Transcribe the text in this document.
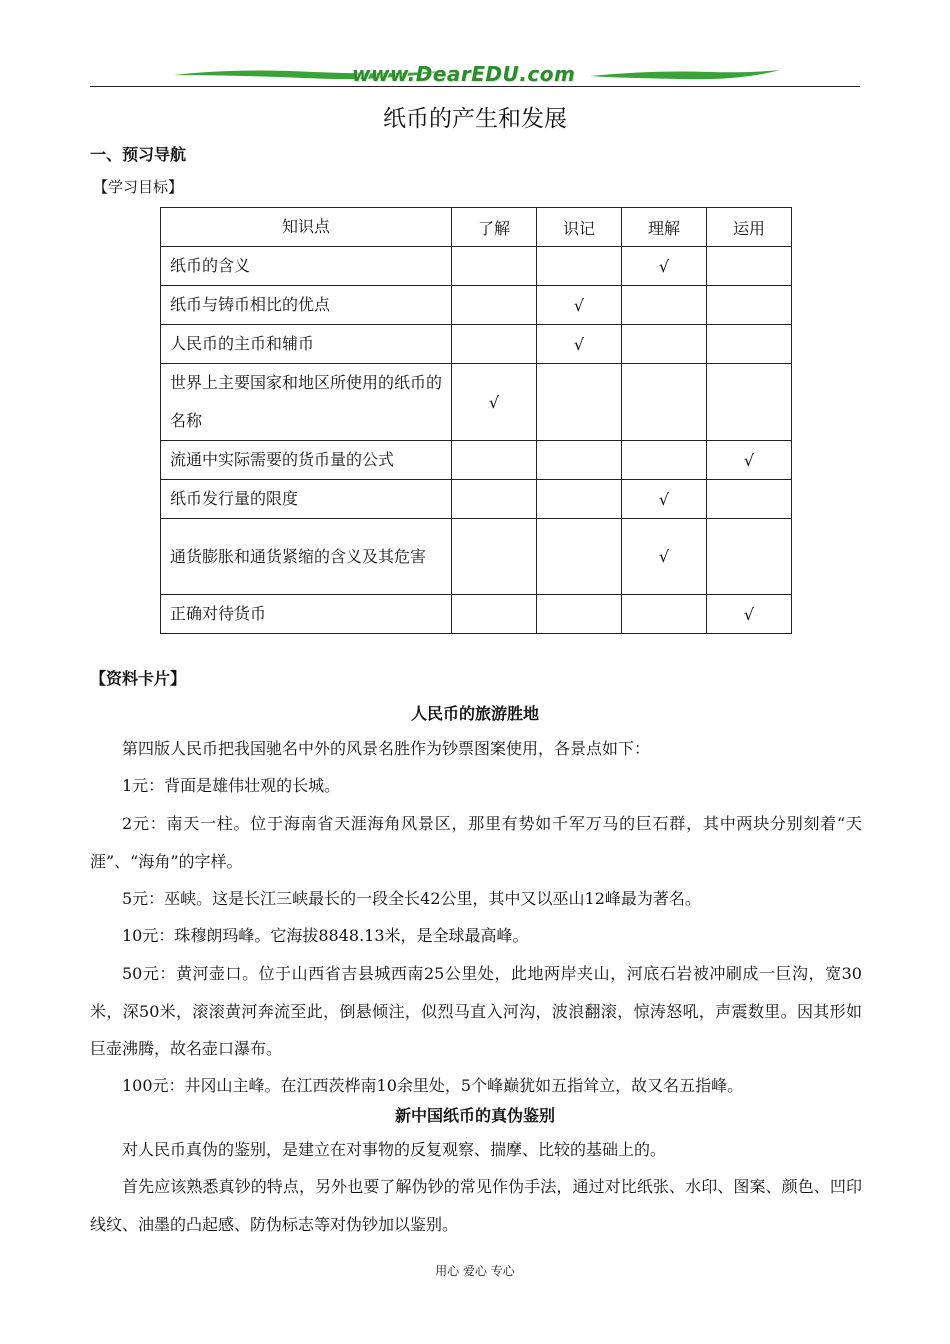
www.DearEDU.com
纸币的产生和发展
一、预习导航
【学习目标】
知识点	了解	识记	理解	运用
纸币的含义			√	
纸币与铸币相比的优点		√		
人民币的主币和辅币		√		
世界上主要国家和地区所使用的纸币的名称	√			
流通中实际需要的货币量的公式				√
纸币发行量的限度			√	
通货膨胀和通货紧缩的含义及其危害			√	
正确对待货币				√
【资料卡片】
人民币的旅游胜地
第四版人民币把我国驰名中外的风景名胜作为钞票图案使用，各景点如下：
1元：背面是雄伟壮观的长城。
2元：南天一柱。位于海南省天涯海角风景区，那里有势如千军万马的巨石群，其中两块分别刻着“天涯”、“海角”的字样。
5元：巫峡。这是长江三峡最长的一段全长42公里，其中又以巫山12峰最为著名。
10元：珠穆朗玛峰。它海拔8848.13米，是全球最高峰。
50元：黄河壶口。位于山西省吉县城西南25公里处，此地两岸夹山，河底石岩被冲刷成一巨沟，宽30米，深50米，滚滚黄河奔流至此，倒悬倾注，似烈马直入河沟，波浪翻滚，惊涛怒吼，声震数里。因其形如巨壶沸腾，故名壶口瀑布。
100元：井冈山主峰。在江西茨桦南10余里处，5个峰巅犹如五指耸立，故又名五指峰。
新中国纸币的真伪鉴别
对人民币真伪的鉴别，是建立在对事物的反复观察、揣摩、比较的基础上的。
首先应该熟悉真钞的特点，另外也要了解伪钞的常见作伪手法，通过对比纸张、水印、图案、颜色、凹印线纹、油墨的凸起感、防伪标志等对伪钞加以鉴别。
用心 爱心 专心
